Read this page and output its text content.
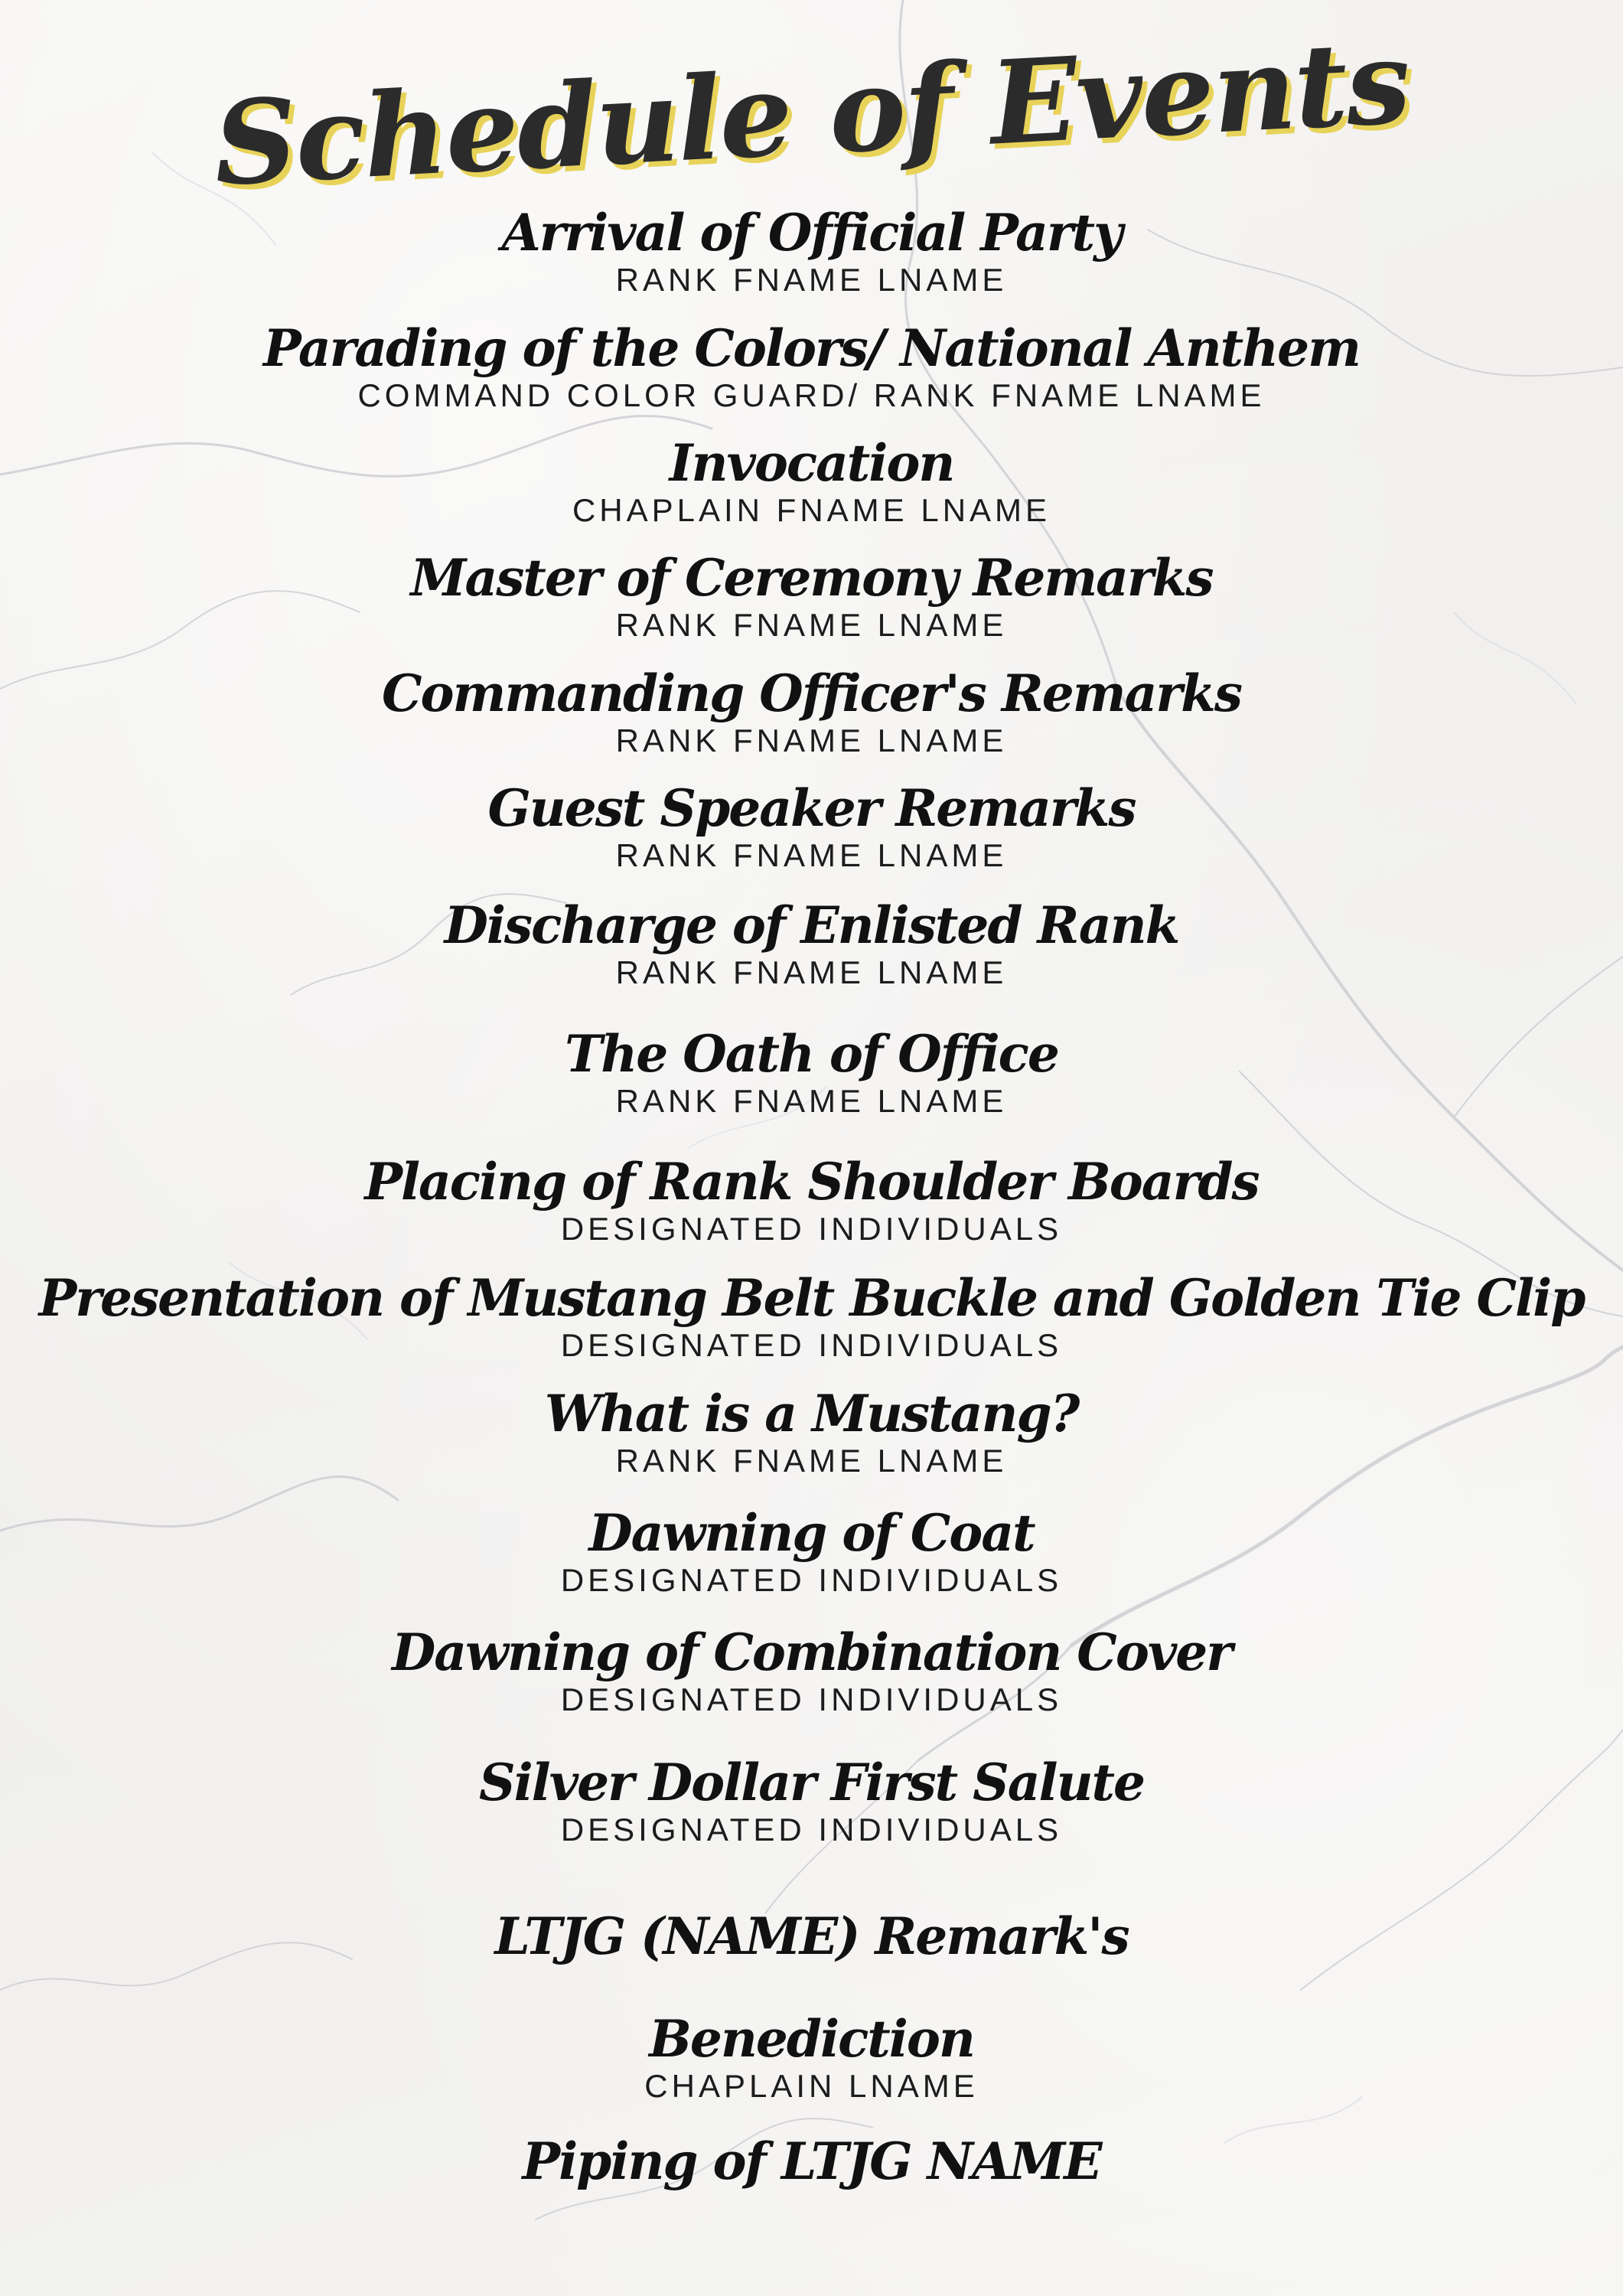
Schedule of Events
Arrival of Official Party
RANK FNAME LNAME
Parading of the Colors/ National Anthem
COMMAND COLOR GUARD/ RANK FNAME LNAME
Invocation
CHAPLAIN FNAME LNAME
Master of Ceremony Remarks
RANK FNAME LNAME
Commanding Officer's Remarks
RANK FNAME LNAME
Guest Speaker Remarks
RANK FNAME LNAME
Discharge of Enlisted Rank
RANK FNAME LNAME
The Oath of Office
RANK FNAME LNAME
Placing of Rank Shoulder Boards
DESIGNATED INDIVIDUALS
Presentation of Mustang Belt Buckle and Golden Tie Clip
DESIGNATED INDIVIDUALS
What is a Mustang?
RANK FNAME LNAME
Dawning of Coat
DESIGNATED INDIVIDUALS
Dawning of Combination Cover
DESIGNATED INDIVIDUALS
Silver Dollar First Salute
DESIGNATED INDIVIDUALS
LTJG (NAME) Remark's
Benediction
CHAPLAIN LNAME
Piping of LTJG NAME
